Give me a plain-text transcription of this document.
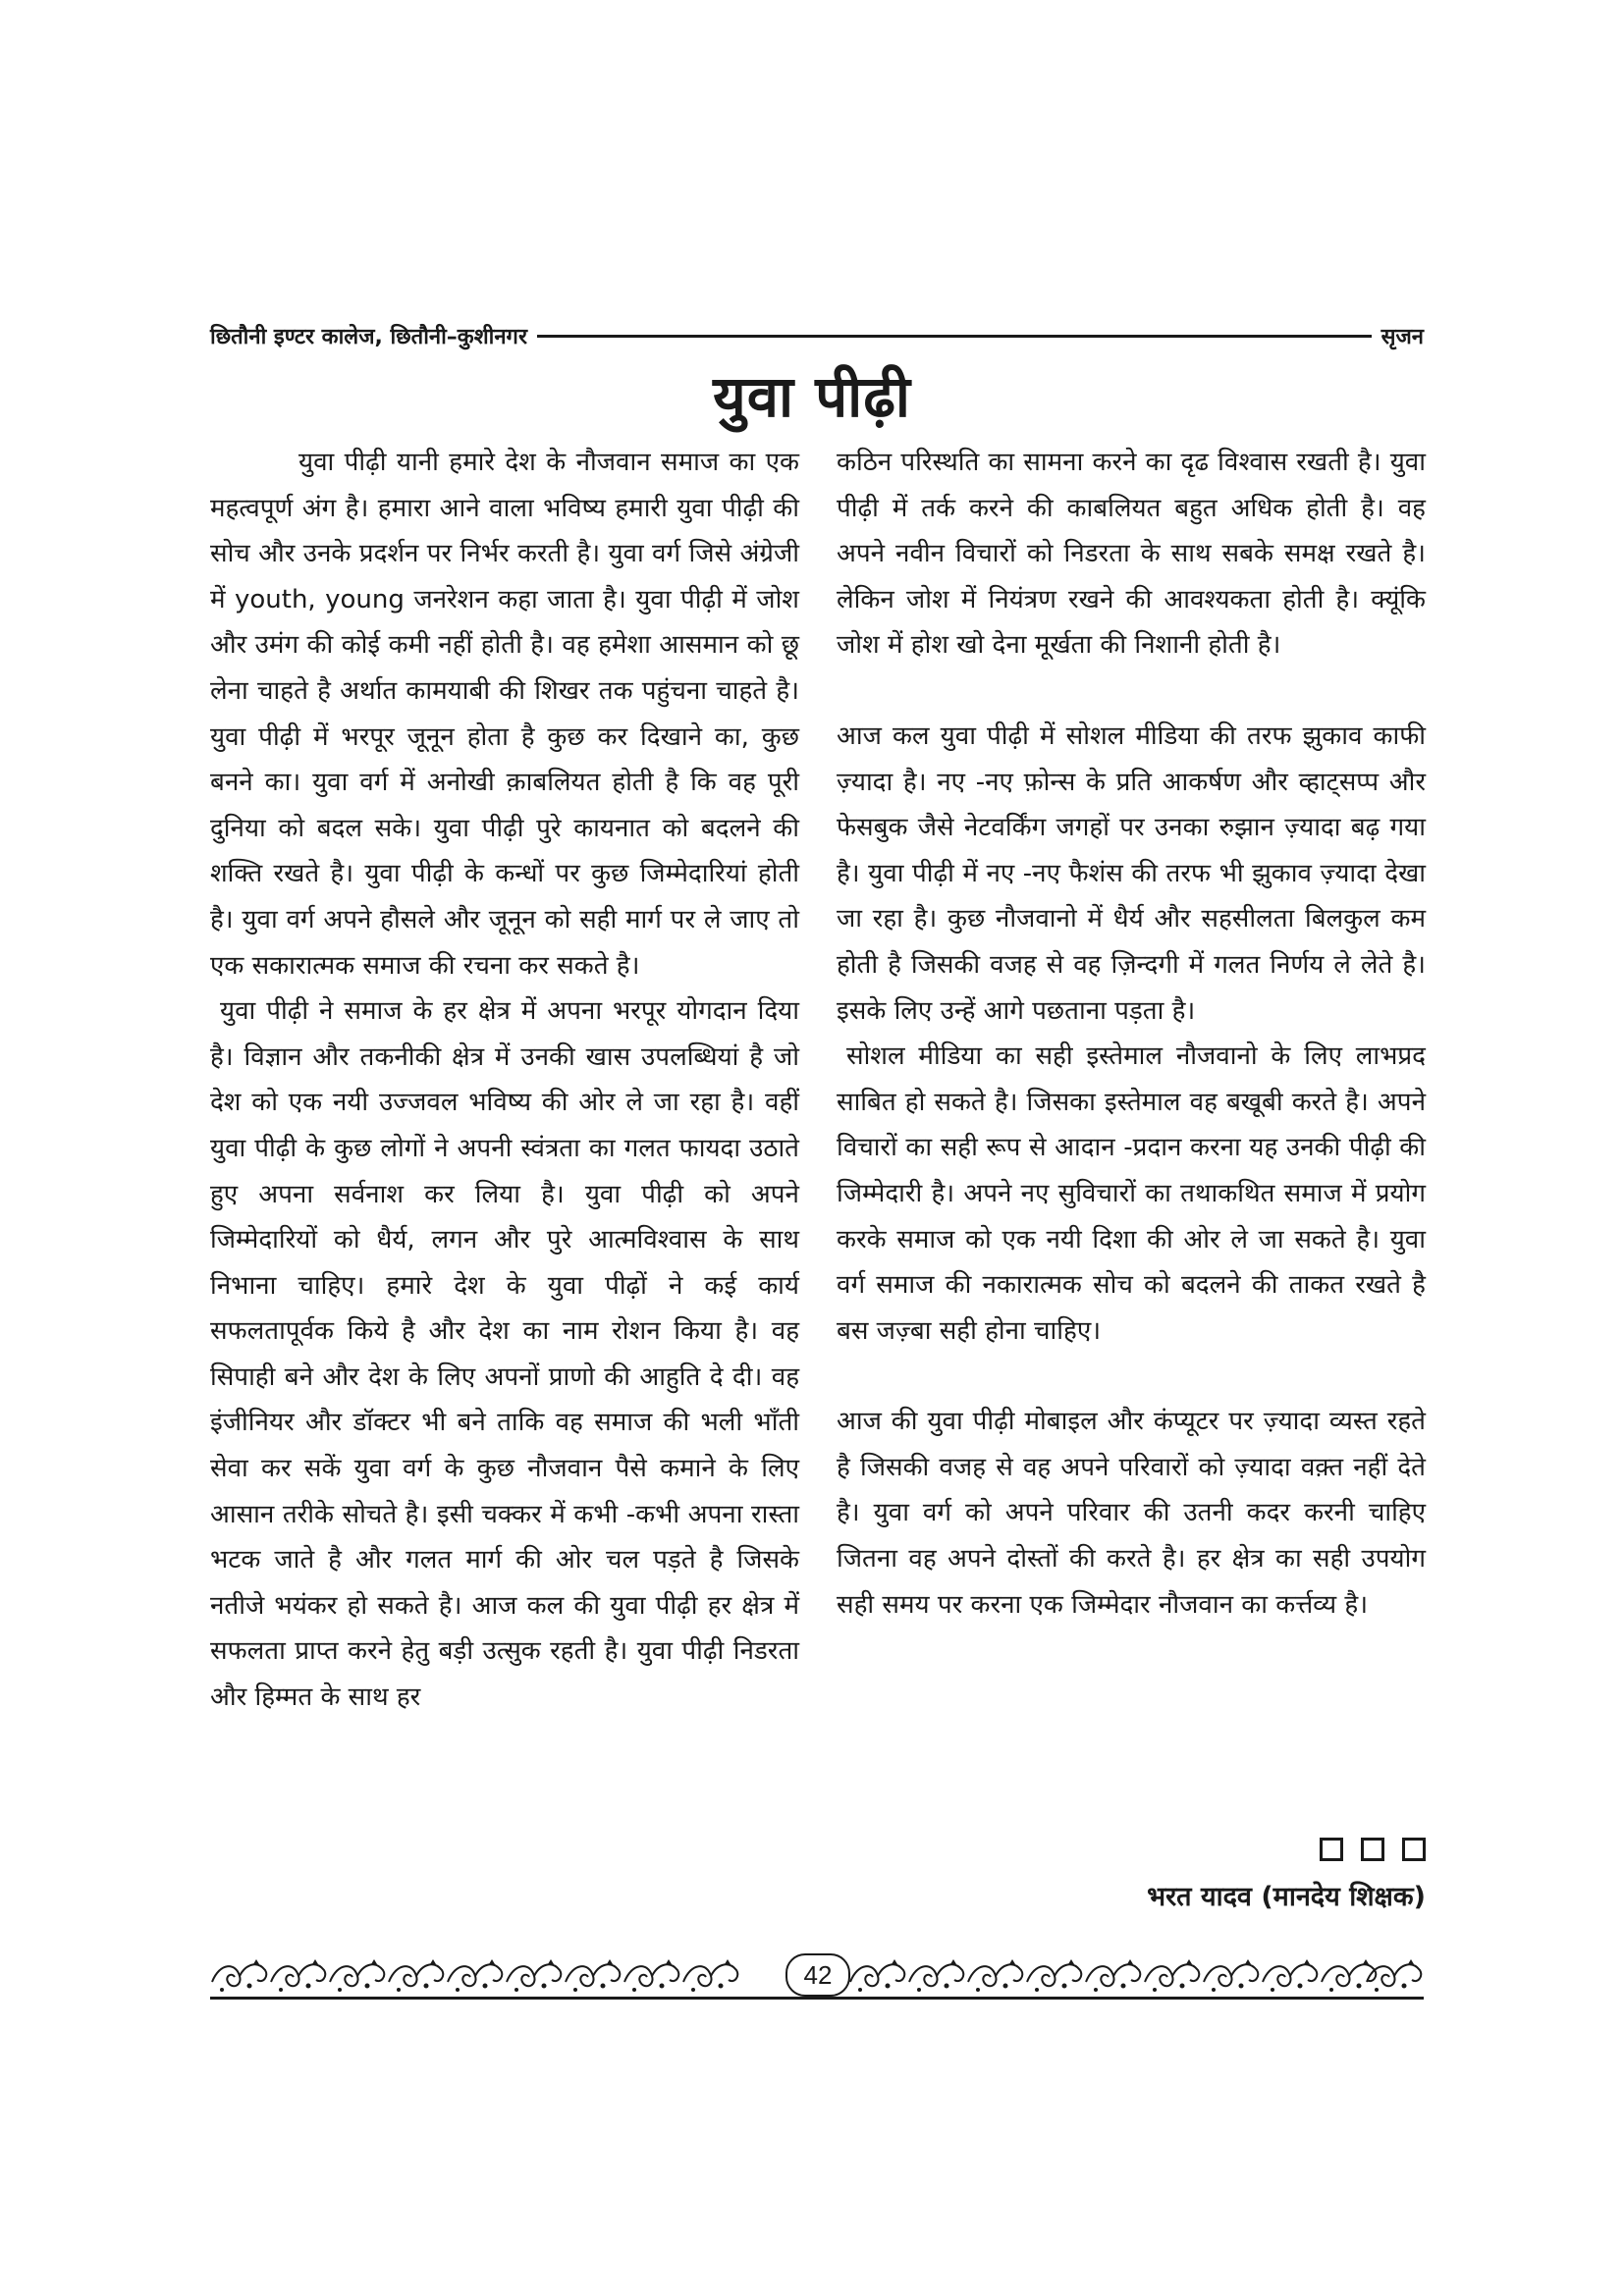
छितौनी इण्टर कालेज, छितौनी–कुशीनगर	सृजन
युवा पीढ़ी

युवा पीढ़ी यानी हमारे देश के नौजवान समाज का एक महत्वपूर्ण अंग है। हमारा आने वाला भविष्य हमारी युवा पीढ़ी की सोच और उनके प्रदर्शन पर निर्भर करती है। युवा वर्ग जिसे अंग्रेजी में youth, young जनरेशन कहा जाता है। युवा पीढ़ी में जोश और उमंग की कोई कमी नहीं होती है। वह हमेशा आसमान को छू लेना चाहते है अर्थात कामयाबी की शिखर तक पहुंचना चाहते है।युवा पीढ़ी में भरपूर जूनून होता है कुछ कर दिखाने का, कुछ बनने का। युवा वर्ग में अनोखी क़ाबलियत होती है कि वह पूरी दुनिया को बदल सके। युवा पीढ़ी पुरे कायनात को बदलने की शक्ति रखते है। युवा पीढ़ी के कन्धों पर कुछ जिम्मेदारियां होती है। युवा वर्ग अपने हौसले और जूनून को सही मार्ग पर ले जाए तो एक सकारात्मक समाज की रचना कर सकते है।

युवा पीढ़ी ने समाज के हर क्षेत्र में अपना भरपूर योगदान दिया है। विज्ञान और तकनीकी क्षेत्र में उनकी खास उपलब्धियां है जो देश को एक नयी उज्जवल भविष्य की ओर ले जा रहा है। वहीं युवा पीढ़ी के कुछ लोगों ने अपनी स्वंत्रता का गलत फायदा उठाते हुए अपना सर्वनाश कर लिया है। युवा पीढ़ी को अपने जिम्मेदारियों को धैर्य, लगन और पुरे आत्मविश्वास के साथ निभाना चाहिए। हमारे देश के युवा पीढ़ों ने कई कार्य सफलतापूर्वक किये है और देश का नाम रोशन किया है। वह सिपाही बने और देश के लिए अपनों प्राणो की आहुति दे दी। वह इंजीनियर और डॉक्टर भी बने ताकि वह समाज की भली भाँती सेवा कर सकें युवा वर्ग के कुछ नौजवान पैसे कमाने के लिए आसान तरीके सोचते है। इसी चक्कर में कभी -कभी अपना रास्ता भटक जाते है और गलत मार्ग की ओर चल पड़ते है जिसके नतीजे भयंकर हो सकते है। आज कल की युवा पीढ़ी हर क्षेत्र में सफलता प्राप्त करने हेतु बड़ी उत्सुक रहती है। युवा पीढ़ी निडरता और हिम्मत के साथ हर

कठिन परिस्थति का सामना करने का दृढ विश्वास रखती है। युवा पीढ़ी में तर्क करने की काबलियत बहुत अधिक होती है। वह अपने नवीन विचारों को निडरता के साथ सबके समक्ष रखते है। लेकिन जोश में नियंत्रण रखने की आवश्यकता होती है। क्यूंकि जोश में होश खो देना मूर्खता की निशानी होती है।

आज कल युवा पीढ़ी में सोशल मीडिया की तरफ झुकाव काफी ज़्यादा है। नए -नए फ़ोन्स के प्रति आकर्षण और व्हाट्सप्प और फेसबुक जैसे नेटवर्किंग जगहों पर उनका रुझान ज़्यादा बढ़ गया है। युवा पीढ़ी में नए -नए फैशंस की तरफ भी झुकाव ज़्यादा देखा जा रहा है। कुछ नौजवानो में धैर्य और सहसीलता बिलकुल कम होती है जिसकी वजह से वह ज़िन्दगी में गलत निर्णय ले लेते है। इसके लिए उन्हें आगे पछताना पड़ता है।

सोशल मीडिया का सही इस्तेमाल नौजवानो के लिए लाभप्रद साबित हो सकते है। जिसका इस्तेमाल वह बखूबी करते है। अपने विचारों का सही रूप से आदान -प्रदान करना यह उनकी पीढ़ी की जिम्मेदारी है। अपने नए सुविचारों का तथाकथित समाज में प्रयोग करके समाज को एक नयी दिशा की ओर ले जा सकते है। युवा वर्ग समाज की नकारात्मक सोच को बदलने की ताकत रखते है बस जज़्बा सही होना चाहिए।

आज की युवा पीढ़ी मोबाइल और कंप्यूटर पर ज़्यादा व्यस्त रहते है जिसकी वजह से वह अपने परिवारों को ज़्यादा वक़्त नहीं देते है। युवा वर्ग को अपने परिवार की उतनी कदर करनी चाहिए जितना वह अपने दोस्तों की करते है। हर क्षेत्र का सही उपयोग सही समय पर करना एक जिम्मेदार नौजवान का कर्त्तव्य है।

भरत यादव (मानदेय शिक्षक)
42
